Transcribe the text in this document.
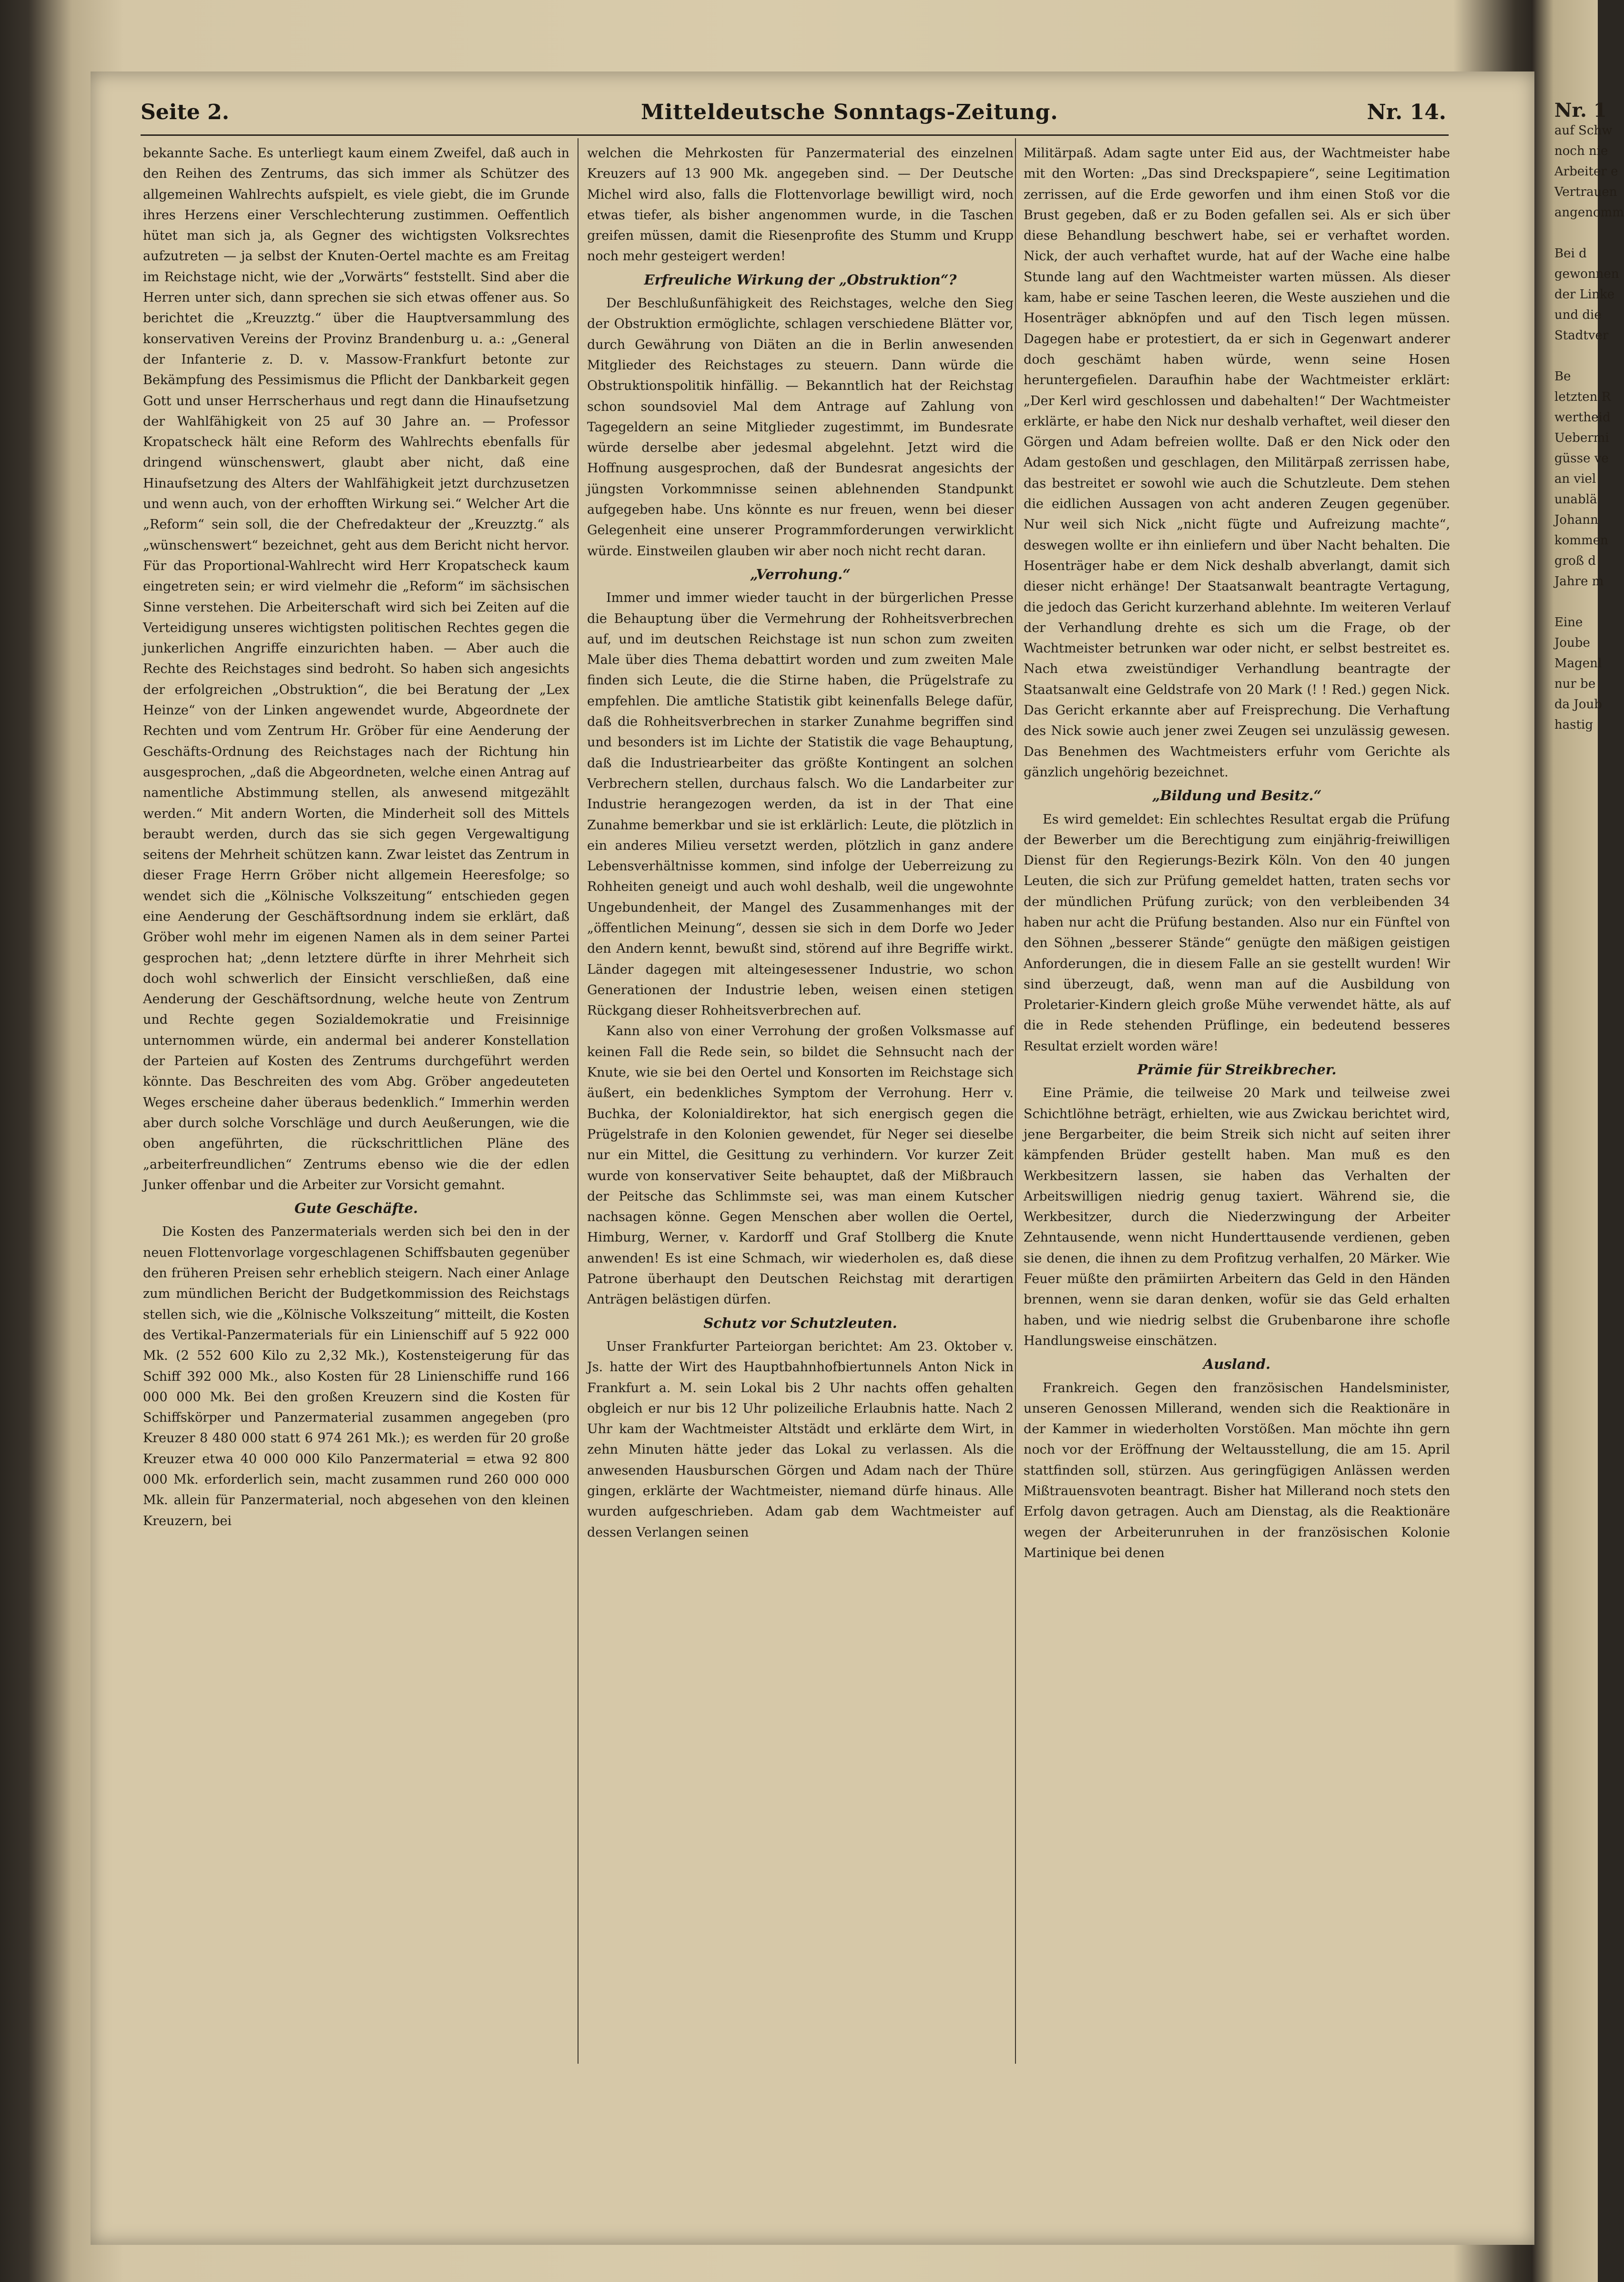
Seite 2.	Mitteldeutsche Sonntags-Zeitung.	Nr. 14.

bekannte Sache. Es unterliegt kaum einem Zweifel, daß auch in den Reihen des Zentrums, das sich immer als Schützer des allgemeinen Wahlrechts aufspielt, es viele giebt, die im Grunde ihres Herzens einer Verschlechterung zustimmen. Oeffentlich hütet man sich ja, als Gegner des wichtigsten Volksrechtes aufzutreten — ja selbst der Knuten-Oertel machte es am Freitag im Reichstage nicht, wie der „Vorwärts“ feststellt. Sind aber die Herren unter sich, dann sprechen sie sich etwas offener aus. So berichtet die „Kreuzztg.“ über die Hauptversammlung des konservativen Vereins der Provinz Brandenburg u. a.: „General der Infanterie z. D. v. Massow-Frankfurt betonte zur Bekämpfung des Pessimismus die Pflicht der Dankbarkeit gegen Gott und unser Herrscherhaus und regt dann die Hinaufsetzung der Wahlfähigkeit von 25 auf 30 Jahre an. — Professor Kropatscheck hält eine Reform des Wahlrechts ebenfalls für dringend wünschenswert, glaubt aber nicht, daß eine Hinaufsetzung des Alters der Wahlfähigkeit jetzt durchzusetzen und wenn auch, von der erhofften Wirkung sei.“ Welcher Art die „Reform“ sein soll, die der Chefredakteur der „Kreuzztg.“ als „wünschenswert“ bezeichnet, geht aus dem Bericht nicht hervor. Für das Proportional-Wahlrecht wird Herr Kropatscheck kaum eingetreten sein; er wird vielmehr die „Reform“ im sächsischen Sinne verstehen. Die Arbeiterschaft wird sich bei Zeiten auf die Verteidigung unseres wichtigsten politischen Rechtes gegen die junkerlichen Angriffe einzurichten haben. — Aber auch die Rechte des Reichstages sind bedroht. So haben sich angesichts der erfolgreichen „Obstruktion“, die bei Beratung der „Lex Heinze“ von der Linken angewendet wurde, Abgeordnete der Rechten und vom Zentrum Hr. Gröber für eine Aenderung der Geschäfts-Ordnung des Reichstages nach der Richtung hin ausgesprochen, „daß die Abgeordneten, welche einen Antrag auf namentliche Abstimmung stellen, als anwesend mitgezählt werden.“ Mit andern Worten, die Minderheit soll des Mittels beraubt werden, durch das sie sich gegen Vergewaltigung seitens der Mehrheit schützen kann. Zwar leistet das Zentrum in dieser Frage Herrn Gröber nicht allgemein Heeresfolge; so wendet sich die „Kölnische Volkszeitung“ entschieden gegen eine Aenderung der Geschäftsordnung indem sie erklärt, daß Gröber wohl mehr im eigenen Namen als in dem seiner Partei gesprochen hat; „denn letztere dürfte in ihrer Mehrheit sich doch wohl schwerlich der Einsicht verschließen, daß eine Aenderung der Geschäftsordnung, welche heute von Zentrum und Rechte gegen Sozialdemokratie und Freisinnige unternommen würde, ein andermal bei anderer Konstellation der Parteien auf Kosten des Zentrums durchgeführt werden könnte. Das Beschreiten des vom Abg. Gröber angedeuteten Weges erscheine daher überaus bedenklich.“ Immerhin werden aber durch solche Vorschläge und durch Aeußerungen, wie die oben angeführten, die rückschrittlichen Pläne des „arbeiterfreundlichen“ Zentrums ebenso wie die der edlen Junker offenbar und die Arbeiter zur Vorsicht gemahnt.

Gute Geschäfte.

Die Kosten des Panzermaterials werden sich bei den in der neuen Flottenvorlage vorgeschlagenen Schiffsbauten gegenüber den früheren Preisen sehr erheblich steigern. Nach einer Anlage zum mündlichen Bericht der Budgetkommission des Reichstags stellen sich, wie die „Kölnische Volkszeitung“ mitteilt, die Kosten des Vertikal-Panzermaterials für ein Linienschiff auf 5 922 000 Mk. (2 552 600 Kilo zu 2,32 Mk.), Kostensteigerung für das Schiff 392 000 Mk., also Kosten für 28 Linienschiffe rund 166 000 000 Mk. Bei den großen Kreuzern sind die Kosten für Schiffskörper und Panzermaterial zusammen angegeben (pro Kreuzer 8 480 000 statt 6 974 261 Mk.); es werden für 20 große Kreuzer etwa 40 000 000 Kilo Panzermaterial = etwa 92 800 000 Mk. erforderlich sein, macht zusammen rund 260 000 000 Mk. allein für Panzermaterial, noch abgesehen von den kleinen Kreuzern, bei

welchen die Mehrkosten für Panzermaterial des einzelnen Kreuzers auf 13 900 Mk. angegeben sind. — Der Deutsche Michel wird also, falls die Flottenvorlage bewilligt wird, noch etwas tiefer, als bisher angenommen wurde, in die Taschen greifen müssen, damit die Riesenprofite des Stumm und Krupp noch mehr gesteigert werden!

Erfreuliche Wirkung der „Obstruktion“?

Der Beschlußunfähigkeit des Reichstages, welche den Sieg der Obstruktion ermöglichte, schlagen verschiedene Blätter vor, durch Gewährung von Diäten an die in Berlin anwesenden Mitglieder des Reichstages zu steuern. Dann würde die Obstruktionspolitik hinfällig. — Bekanntlich hat der Reichstag schon soundsoviel Mal dem Antrage auf Zahlung von Tagegeldern an seine Mitglieder zugestimmt, im Bundesrate würde derselbe aber jedesmal abgelehnt. Jetzt wird die Hoffnung ausgesprochen, daß der Bundesrat angesichts der jüngsten Vorkommnisse seinen ablehnenden Standpunkt aufgegeben habe. Uns könnte es nur freuen, wenn bei dieser Gelegenheit eine unserer Programmforderungen verwirklicht würde. Einstweilen glauben wir aber noch nicht recht daran.

„Verrohung.“

Immer und immer wieder taucht in der bürgerlichen Presse die Behauptung über die Vermehrung der Rohheitsverbrechen auf, und im deutschen Reichstage ist nun schon zum zweiten Male über dies Thema debattirt worden und zum zweiten Male finden sich Leute, die die Stirne haben, die Prügelstrafe zu empfehlen. Die amtliche Statistik gibt keinenfalls Belege dafür, daß die Rohheitsverbrechen in starker Zunahme begriffen sind und besonders ist im Lichte der Statistik die vage Behauptung, daß die Industriearbeiter das größte Kontingent an solchen Verbrechern stellen, durchaus falsch. Wo die Landarbeiter zur Industrie herangezogen werden, da ist in der That eine Zunahme bemerkbar und sie ist erklärlich: Leute, die plötzlich in ein anderes Milieu versetzt werden, plötzlich in ganz andere Lebensverhältnisse kommen, sind infolge der Ueberreizung zu Rohheiten geneigt und auch wohl deshalb, weil die ungewohnte Ungebundenheit, der Mangel des Zusammenhanges mit der „öffentlichen Meinung“, dessen sie sich in dem Dorfe wo Jeder den Andern kennt, bewußt sind, störend auf ihre Begriffe wirkt. Länder dagegen mit alteingesessener Industrie, wo schon Generationen der Industrie leben, weisen einen stetigen Rückgang dieser Rohheitsverbrechen auf.

Kann also von einer Verrohung der großen Volksmasse auf keinen Fall die Rede sein, so bildet die Sehnsucht nach der Knute, wie sie bei den Oertel und Konsorten im Reichstage sich äußert, ein bedenkliches Symptom der Verrohung. Herr v. Buchka, der Kolonialdirektor, hat sich energisch gegen die Prügelstrafe in den Kolonien gewendet, für Neger sei dieselbe nur ein Mittel, die Gesittung zu verhindern. Vor kurzer Zeit wurde von konservativer Seite behauptet, daß der Mißbrauch der Peitsche das Schlimmste sei, was man einem Kutscher nachsagen könne. Gegen Menschen aber wollen die Oertel, Himburg, Werner, v. Kardorff und Graf Stollberg die Knute anwenden! Es ist eine Schmach, wir wiederholen es, daß diese Patrone überhaupt den Deutschen Reichstag mit derartigen Anträgen belästigen dürfen.

Schutz vor Schutzleuten.

Unser Frankfurter Parteiorgan berichtet: Am 23. Oktober v. Js. hatte der Wirt des Hauptbahnhofbiertunnels Anton Nick in Frankfurt a. M. sein Lokal bis 2 Uhr nachts offen gehalten obgleich er nur bis 12 Uhr polizeiliche Erlaubnis hatte. Nach 2 Uhr kam der Wachtmeister Altstädt und erklärte dem Wirt, in zehn Minuten hätte jeder das Lokal zu verlassen. Als die anwesenden Hausburschen Görgen und Adam nach der Thüre gingen, erklärte der Wachtmeister, niemand dürfe hinaus. Alle wurden aufgeschrieben. Adam gab dem Wachtmeister auf dessen Verlangen seinen

Militärpaß. Adam sagte unter Eid aus, der Wachtmeister habe mit den Worten: „Das sind Dreckspapiere“, seine Legitimation zerrissen, auf die Erde geworfen und ihm einen Stoß vor die Brust gegeben, daß er zu Boden gefallen sei. Als er sich über diese Behandlung beschwert habe, sei er verhaftet worden. Nick, der auch verhaftet wurde, hat auf der Wache eine halbe Stunde lang auf den Wachtmeister warten müssen. Als dieser kam, habe er seine Taschen leeren, die Weste ausziehen und die Hosenträger abknöpfen und auf den Tisch legen müssen. Dagegen habe er protestiert, da er sich in Gegenwart anderer doch geschämt haben würde, wenn seine Hosen heruntergefielen. Daraufhin habe der Wachtmeister erklärt: „Der Kerl wird geschlossen und dabehalten!“ Der Wachtmeister erklärte, er habe den Nick nur deshalb verhaftet, weil dieser den Görgen und Adam befreien wollte. Daß er den Nick oder den Adam gestoßen und geschlagen, den Militärpaß zerrissen habe, das bestreitet er sowohl wie auch die Schutzleute. Dem stehen die eidlichen Aussagen von acht anderen Zeugen gegenüber. Nur weil sich Nick „nicht fügte und Aufreizung machte“, deswegen wollte er ihn einliefern und über Nacht behalten. Die Hosenträger habe er dem Nick deshalb abverlangt, damit sich dieser nicht erhänge! Der Staatsanwalt beantragte Vertagung, die jedoch das Gericht kurzerhand ablehnte. Im weiteren Verlauf der Verhandlung drehte es sich um die Frage, ob der Wachtmeister betrunken war oder nicht, er selbst bestreitet es. Nach etwa zweistündiger Verhandlung beantragte der Staatsanwalt eine Geldstrafe von 20 Mark (! ! Red.) gegen Nick. Das Gericht erkannte aber auf Freisprechung. Die Verhaftung des Nick sowie auch jener zwei Zeugen sei unzulässig gewesen. Das Benehmen des Wachtmeisters erfuhr vom Gerichte als gänzlich ungehörig bezeichnet.

„Bildung und Besitz.“

Es wird gemeldet: Ein schlechtes Resultat ergab die Prüfung der Bewerber um die Berechtigung zum einjährig-freiwilligen Dienst für den Regierungs-Bezirk Köln. Von den 40 jungen Leuten, die sich zur Prüfung gemeldet hatten, traten sechs vor der mündlichen Prüfung zurück; von den verbleibenden 34 haben nur acht die Prüfung bestanden. Also nur ein Fünftel von den Söhnen „besserer Stände“ genügte den mäßigen geistigen Anforderungen, die in diesem Falle an sie gestellt wurden! Wir sind überzeugt, daß, wenn man auf die Ausbildung von Proletarier-Kindern gleich große Mühe verwendet hätte, als auf die in Rede stehenden Prüflinge, ein bedeutend besseres Resultat erzielt worden wäre!

Prämie für Streikbrecher.

Eine Prämie, die teilweise 20 Mark und teilweise zwei Schichtlöhne beträgt, erhielten, wie aus Zwickau berichtet wird, jene Bergarbeiter, die beim Streik sich nicht auf seiten ihrer kämpfenden Brüder gestellt haben. Man muß es den Werkbesitzern lassen, sie haben das Verhalten der Arbeitswilligen niedrig genug taxiert. Während sie, die Werkbesitzer, durch die Niederzwingung der Arbeiter Zehntausende, wenn nicht Hunderttausende verdienen, geben sie denen, die ihnen zu dem Profitzug verhalfen, 20 Märker. Wie Feuer müßte den prämiirten Arbeitern das Geld in den Händen brennen, wenn sie daran denken, wofür sie das Geld erhalten haben, und wie niedrig selbst die Grubenbarone ihre schofle Handlungsweise einschätzen.

Ausland.

Frankreich. Gegen den französischen Handelsminister, unseren Genossen Millerand, wenden sich die Reaktionäre in der Kammer in wiederholten Vorstößen. Man möchte ihn gern noch vor der Eröffnung der Weltausstellung, die am 15. April stattfinden soll, stürzen. Aus geringfügigen Anlässen werden Mißtrauensvoten beantragt. Bisher hat Millerand noch stets den Erfolg davon getragen. Auch am Dienstag, als die Reaktionäre wegen der Arbeiterunruhen in der französischen Kolonie Martinique bei denen

Nr. 1
auf Schw
noch nie
Arbeiter e
Vertrauen
angenomm

Bei d
gewonnen
der Linke
und die
Stadtver

Be
letzten R
wertheid
Uebermi
güsse ve
an viel
unablä
Johann
kommen
groß d
Jahre m

Eine
Joube
Magenl
nur be
da Joub
hastig
